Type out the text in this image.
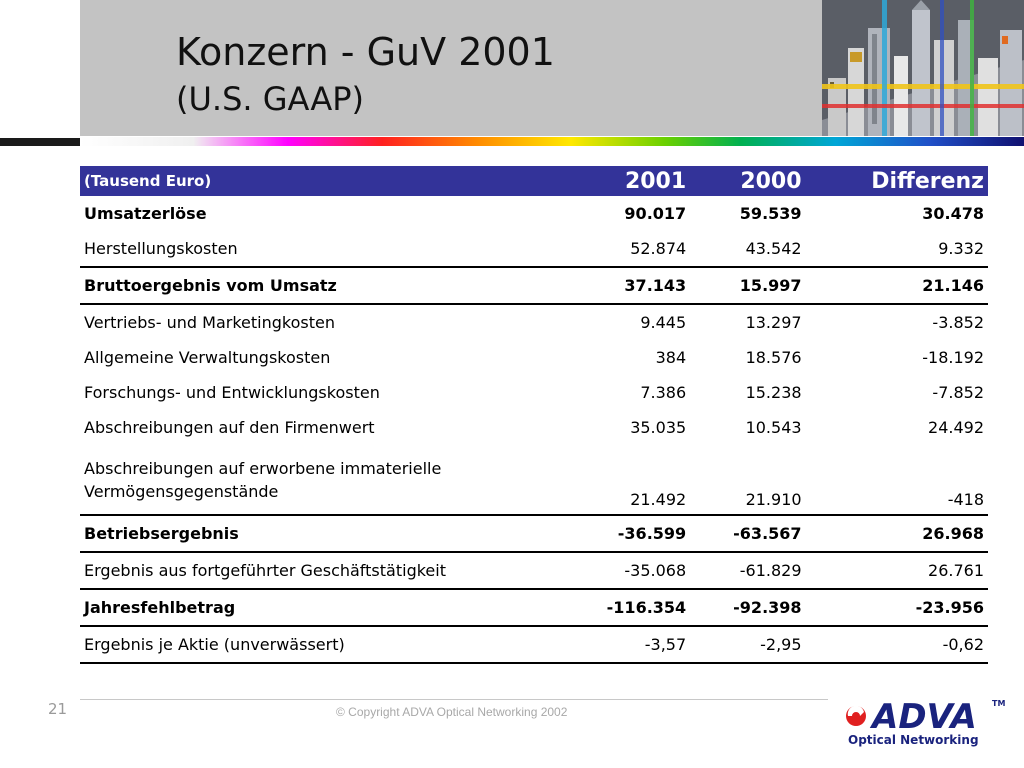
Konzern - GuV 2001
(U.S. GAAP)
(Tausend Euro)	2001	2000	Differenz
Umsatzerlöse	90.017	59.539	30.478
Herstellungskosten	52.874	43.542	9.332
Bruttoergebnis vom Umsatz	37.143	15.997	21.146
Vertriebs- und Marketingkosten	9.445	13.297	-3.852
Allgemeine Verwaltungskosten	384	18.576	-18.192
Forschungs- und Entwicklungskosten	7.386	15.238	-7.852
Abschreibungen auf den Firmenwert	35.035	10.543	24.492
Abschreibungen auf erworbene immaterielle
Vermögensgegenstände	21.492	21.910	-418
Betriebsergebnis	-36.599	-63.567	26.968
Ergebnis aus fortgeführter Geschäftstätigkeit	-35.068	-61.829	26.761
Jahresfehlbetrag	-116.354	-92.398	-23.956
Ergebnis je Aktie (unverwässert)	-3,57	-2,95	-0,62
21	© Copyright ADVA Optical Networking 2002	ADVA TM
Optical Networking
